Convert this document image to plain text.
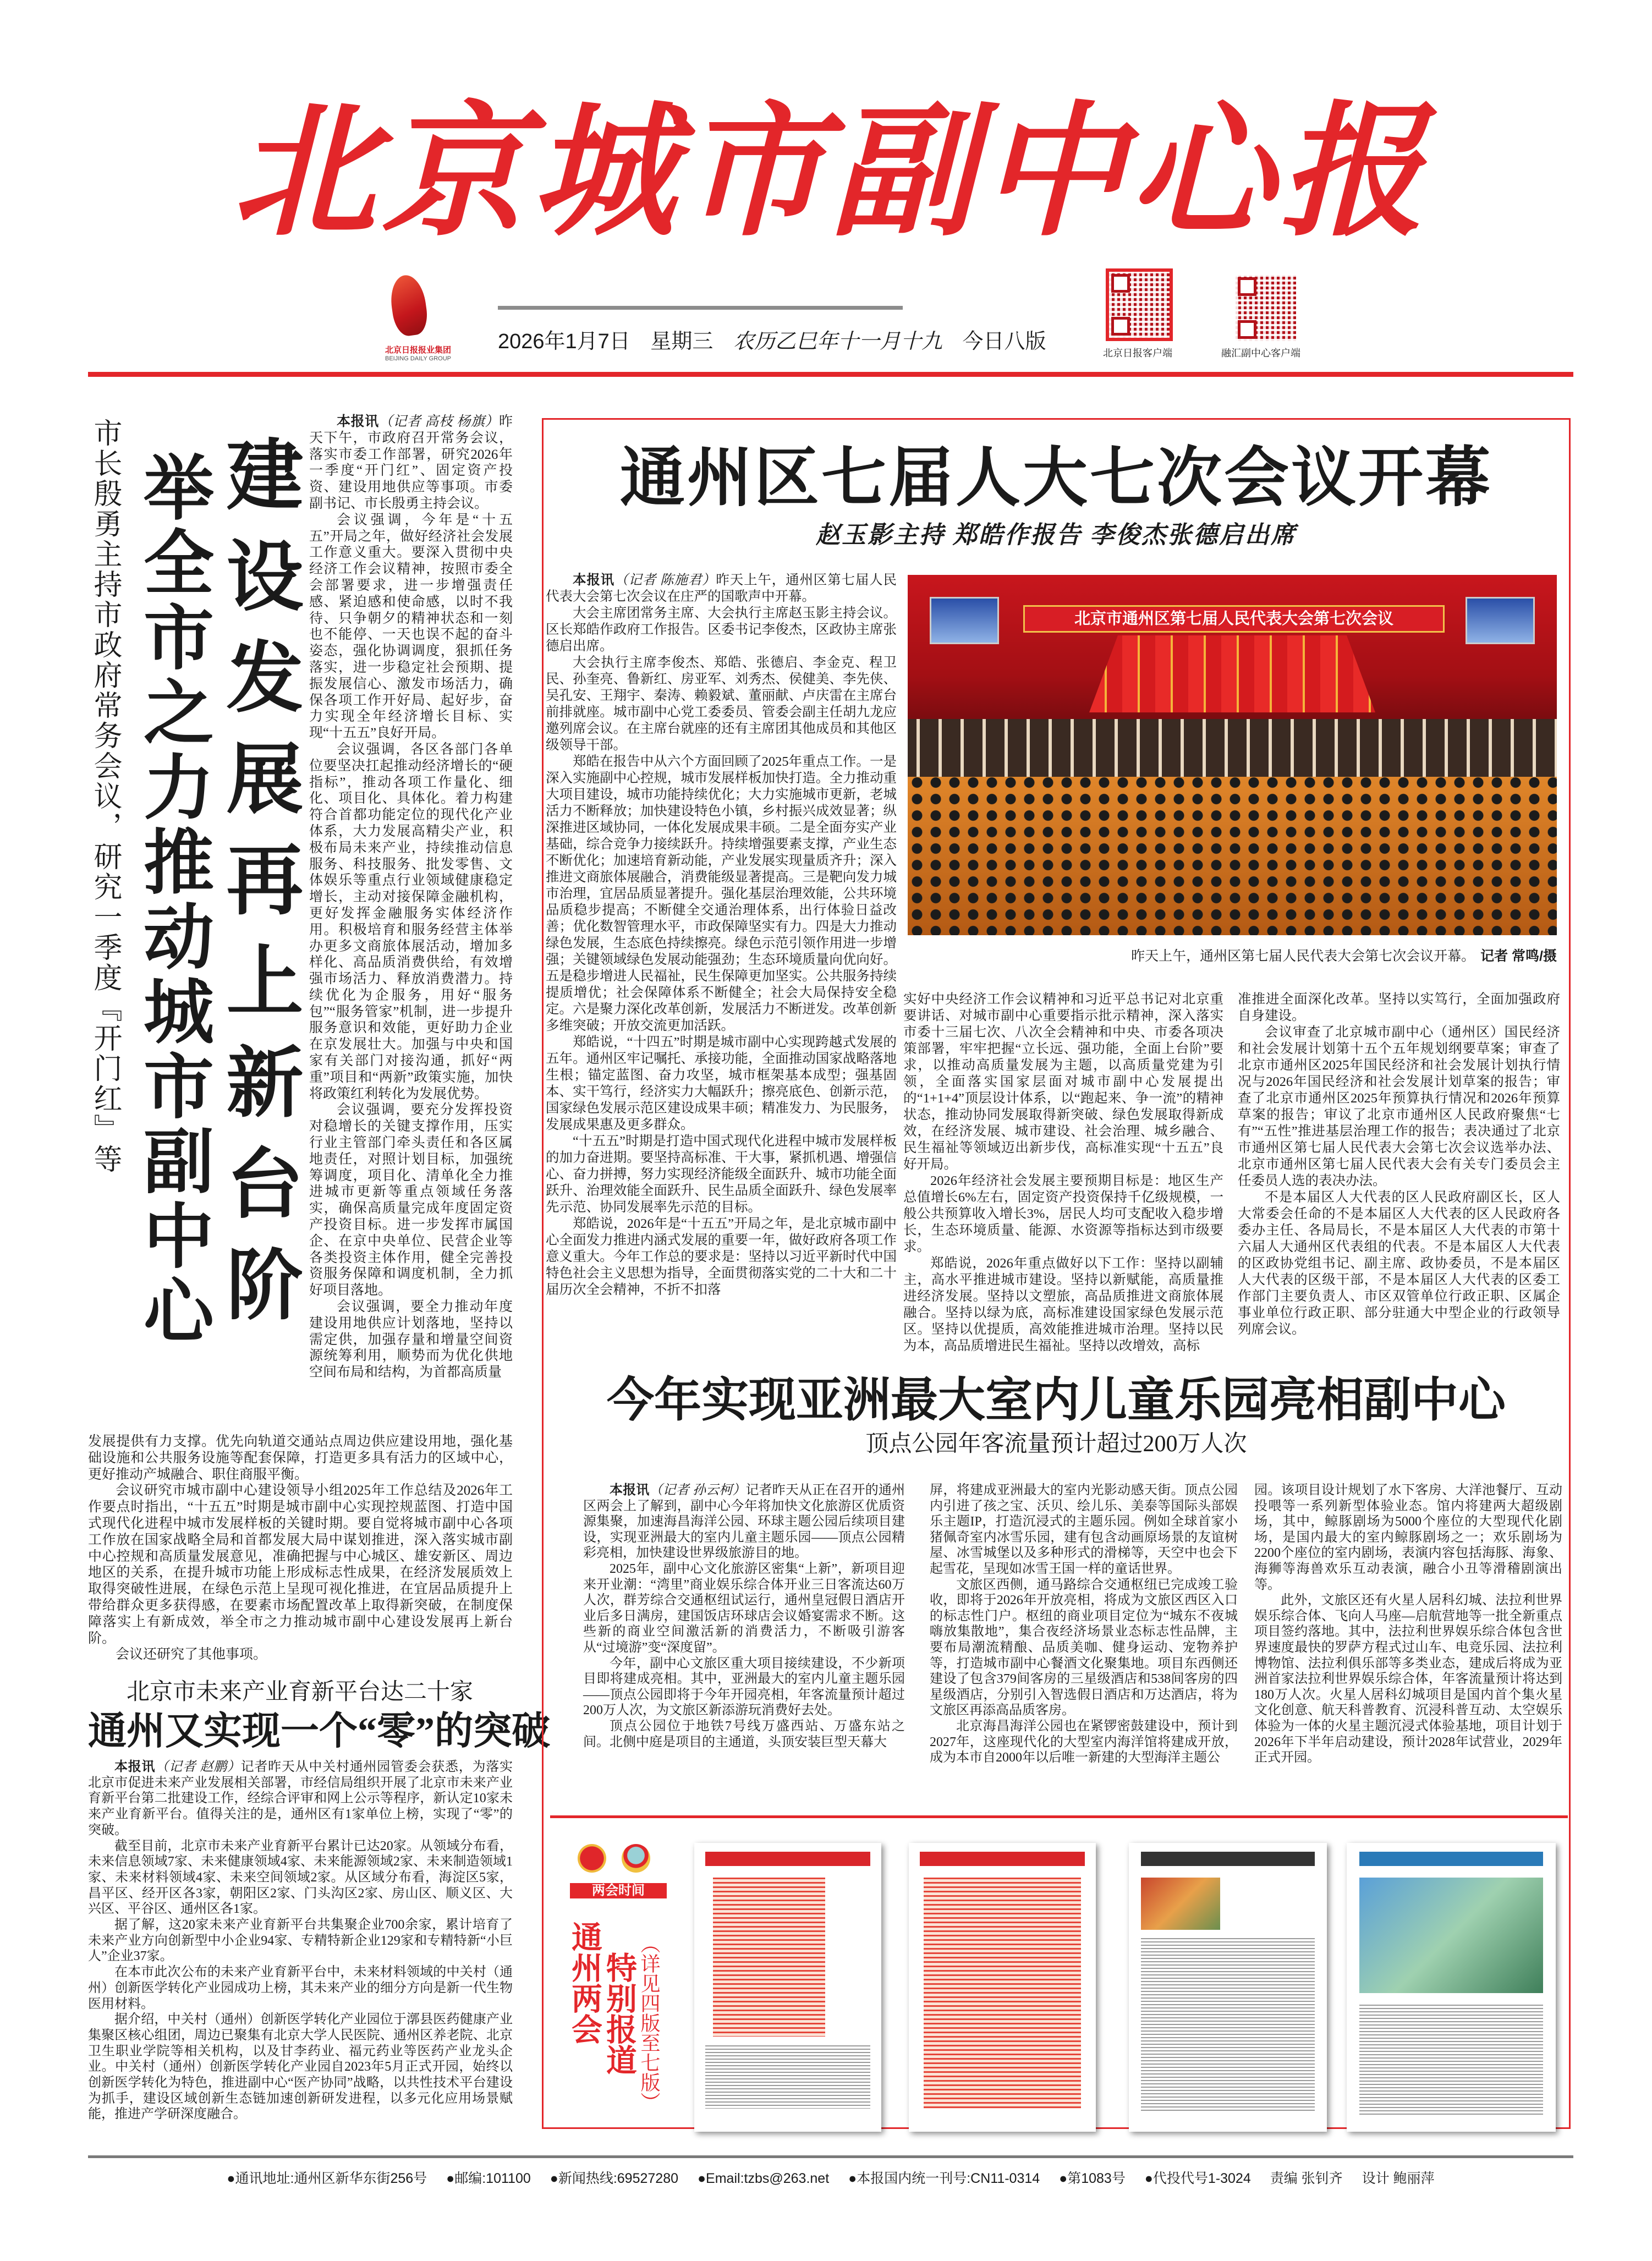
北京城市副中心报
北京日报报业集团
BEIJING DAILY GROUP
2026年1月7日 星期三 农历乙巳年十一月十九 今日八版	北京日报客户端	融汇副中心客户端
市长殷勇主持市政府常务会议，研究一季度『开门红』等 举全市之力推动城市副中心 建设发展再上新台阶

本报讯（记者 高枝 杨旗）昨天下午，市政府召开常务会议，落实市委工作部署，研究2026年一季度“开门红”、固定资产投资、建设用地供应等事项。市委副书记、市长殷勇主持会议。

会议强调，今年是“十五五”开局之年，做好经济社会发展工作意义重大。要深入贯彻中央经济工作会议精神，按照市委全会部署要求，进一步增强责任感、紧迫感和使命感，以时不我待、只争朝夕的精神状态和一刻也不能停、一天也误不起的奋斗姿态，强化协调调度，狠抓任务落实，进一步稳定社会预期、提振发展信心、激发市场活力，确保各项工作开好局、起好步，奋力实现全年经济增长目标、实现“十五五”良好开局。

会议强调，各区各部门各单位要坚决扛起推动经济增长的“硬指标”，推动各项工作量化、细化、项目化、具体化。着力构建符合首都功能定位的现代化产业体系，大力发展高精尖产业，积极布局未来产业，持续推动信息服务、科技服务、批发零售、文体娱乐等重点行业领域健康稳定增长，主动对接保障金融机构，更好发挥金融服务实体经济作用。积极培育和服务经营主体举办更多文商旅体展活动，增加多样化、高品质消费供给，有效增强市场活力、释放消费潜力。持续优化为企服务，用好“服务包”“服务管家”机制，进一步提升服务意识和效能，更好助力企业在京发展壮大。加强与中央和国家有关部门对接沟通，抓好“两重”项目和“两新”政策实施，加快将政策红利转化为发展优势。

会议强调，要充分发挥投资对稳增长的关键支撑作用，压实行业主管部门牵头责任和各区属地责任，对照计划目标，加强统筹调度，项目化、清单化全力推进城市更新等重点领域任务落实，确保高质量完成年度固定资产投资目标。进一步发挥市属国企、在京中央单位、民营企业等各类投资主体作用，健全完善投资服务保障和调度机制，全力抓好项目落地。

会议强调，要全力推动年度建设用地供应计划落地，坚持以需定供，加强存量和增量空间资源统筹利用，顺势而为优化供地空间布局和结构，为首都高质量

发展提供有力支撑。优先向轨道交通站点周边供应建设用地，强化基础设施和公共服务设施等配套保障，打造更多具有活力的区域中心，更好推动产城融合、职住商服平衡。

会议研究市城市副中心建设领导小组2025年工作总结及2026年工作要点时指出，“十五五”时期是城市副中心实现控规蓝图、打造中国式现代化进程中城市发展样板的关键时期。要自觉将城市副中心各项工作放在国家战略全局和首都发展大局中谋划推进，深入落实城市副中心控规和高质量发展意见，准确把握与中心城区、雄安新区、周边地区的关系，在提升城市功能上形成标志性成果，在经济发展质效上取得突破性进展，在绿色示范上呈现可视化推进，在宜居品质提升上带给群众更多获得感，在要素市场配置改革上取得新突破，在制度保障落实上有新成效，举全市之力推动城市副中心建设发展再上新台阶。

会议还研究了其他事项。

北京市未来产业育新平台达二十家
通州又实现一个“零”的突破

本报讯（记者 赵鹏）记者昨天从中关村通州园管委会获悉，为落实北京市促进未来产业发展相关部署，市经信局组织开展了北京市未来产业育新平台第二批建设工作，经综合评审和网上公示等程序，新认定10家未来产业育新平台。值得关注的是，通州区有1家单位上榜，实现了“零”的突破。

截至目前，北京市未来产业育新平台累计已达20家。从领域分布看，未来信息领域7家、未来健康领域4家、未来能源领域2家、未来制造领域1家、未来材料领域4家、未来空间领域2家。从区域分布看，海淀区5家，昌平区、经开区各3家，朝阳区2家、门头沟区2家、房山区、顺义区、大兴区、平谷区、通州区各1家。

据了解，这20家未来产业育新平台共集聚企业700余家，累计培育了未来产业方向创新型中小企业94家、专精特新企业129家和专精特新“小巨人”企业37家。

在本市此次公布的未来产业育新平台中，未来材料领域的中关村（通州）创新医学转化产业园成功上榜，其未来产业的细分方向是新一代生物医用材料。

据介绍，中关村（通州）创新医学转化产业园位于漷县医药健康产业集聚区核心组团，周边已聚集有北京大学人民医院、通州区养老院、北京卫生职业学院等相关机构，以及甘李药业、福元药业等医药产业龙头企业。中关村（通州）创新医学转化产业园自2023年5月正式开园，始终以创新医学转化为特色，推进副中心“医产协同”战略，以共性技术平台建设为抓手，建设区域创新生态链加速创新研发进程，以多元化应用场景赋能，推进产学研深度融合。

通州区七届人大七次会议开幕
赵玉影主持 郑皓作报告 李俊杰张德启出席
北京市通州区第七届人民代表大会第七次会议
昨天上午，通州区第七届人民代表大会第七次会议开幕。 记者 常鸣/摄

本报讯（记者 陈施君）昨天上午，通州区第七届人民代表大会第七次会议在庄严的国歌声中开幕。

大会主席团常务主席、大会执行主席赵玉影主持会议。区长郑皓作政府工作报告。区委书记李俊杰，区政协主席张德启出席。

大会执行主席李俊杰、郑皓、张德启、李金克、程卫民、孙奎亮、鲁新红、房亚军、刘秀杰、侯健美、李先侠、吴孔安、王翔宇、秦涛、赖毅斌、董丽献、卢庆雷在主席台前排就座。城市副中心党工委委员、管委会副主任胡九龙应邀列席会议。在主席台就座的还有主席团其他成员和其他区级领导干部。

郑皓在报告中从六个方面回顾了2025年重点工作。一是深入实施副中心控规，城市发展样板加快打造。全力推动重大项目建设，城市功能持续优化；大力实施城市更新，老城活力不断释放；加快建设特色小镇，乡村振兴成效显著；纵深推进区域协同，一体化发展成果丰硕。二是全面夯实产业基础，综合竞争力接续跃升。持续增强要素支撑，产业生态不断优化；加速培育新动能，产业发展实现量质齐升；深入推进文商旅体展融合，消费能级显著提高。三是靶向发力城市治理，宜居品质显著提升。强化基层治理效能，公共环境品质稳步提高；不断健全交通治理体系，出行体验日益改善；优化数智管理水平，市政保障坚实有力。四是大力推动绿色发展，生态底色持续擦亮。绿色示范引领作用进一步增强；关键领域绿色发展动能强劲；生态环境质量向优向好。五是稳步增进人民福祉，民生保障更加坚实。公共服务持续提质增优；社会保障体系不断健全；社会大局保持安全稳定。六是聚力深化改革创新，发展活力不断迸发。改革创新多维突破；开放交流更加活跃。

郑皓说，“十四五”时期是城市副中心实现跨越式发展的五年。通州区牢记嘱托、承接功能，全面推动国家战略落地生根；锚定蓝图、奋力攻坚，城市框架基本成型；强基固本、实干笃行，经济实力大幅跃升；擦亮底色、创新示范，国家绿色发展示范区建设成果丰硕；精准发力、为民服务，发展成果惠及更多群众。

“十五五”时期是打造中国式现代化进程中城市发展样板的加力奋进期。要坚持高标准、干大事，紧抓机遇、增强信心、奋力拼搏，努力实现经济能级全面跃升、城市功能全面跃升、治理效能全面跃升、民生品质全面跃升、绿色发展率先示范、协同发展率先示范的目标。

郑皓说，2026年是“十五五”开局之年，是北京城市副中心全面发力推进内涵式发展的重要一年，做好政府各项工作意义重大。今年工作总的要求是：坚持以习近平新时代中国特色社会主义思想为指导，全面贯彻落实党的二十大和二十届历次全会精神，不折不扣落

实好中央经济工作会议精神和习近平总书记对北京重要讲话、对城市副中心重要指示批示精神，深入落实市委十三届七次、八次全会精神和中央、市委各项决策部署，牢牢把握“立长远、强功能，全面上台阶”要求，以推动高质量发展为主题，以高质量党建为引领，全面落实国家层面对城市副中心发展提出的“1+1+4”顶层设计体系，以“跑起来、争一流”的精神状态，推动协同发展取得新突破、绿色发展取得新成效，在经济发展、城市建设、社会治理、城乡融合、民生福祉等领域迈出新步伐，高标准实现“十五五”良好开局。

2026年经济社会发展主要预期目标是：地区生产总值增长6%左右，固定资产投资保持千亿级规模，一般公共预算收入增长3%，居民人均可支配收入稳步增长，生态环境质量、能源、水资源等指标达到市级要求。

郑皓说，2026年重点做好以下工作：坚持以副辅主，高水平推进城市建设。坚持以新赋能，高质量推进经济发展。坚持以文塑旅，高品质推进文商旅体展融合。坚持以绿为底，高标准建设国家绿色发展示范区。坚持以优提质，高效能推进城市治理。坚持以民为本，高品质增进民生福祉。坚持以改增效，高标

准推进全面深化改革。坚持以实笃行，全面加强政府自身建设。

会议审查了北京城市副中心（通州区）国民经济和社会发展计划第十五个五年规划纲要草案；审查了北京市通州区2025年国民经济和社会发展计划执行情况与2026年国民经济和社会发展计划草案的报告；审查了北京市通州区2025年预算执行情况和2026年预算草案的报告；审议了北京市通州区人民政府聚焦“七有”“五性”推进基层治理工作的报告；表决通过了北京市通州区第七届人民代表大会第七次会议选举办法、北京市通州区第七届人民代表大会有关专门委员会主任委员人选的表决办法。

不是本届区人大代表的区人民政府副区长，区人大常委会任命的不是本届区人大代表的区人民政府各委办主任、各局局长，不是本届区人大代表的市第十六届人大通州区代表组的代表。不是本届区人大代表的区政协党组书记、副主席、政协委员，不是本届区人大代表的区级干部，不是本届区人大代表的区委工作部门主要负责人、市区双管单位行政正职、区属企事业单位行政正职、部分驻通大中型企业的行政领导列席会议。

今年实现亚洲最大室内儿童乐园亮相副中心
顶点公园年客流量预计超过200万人次

本报讯（记者 孙云柯）记者昨天从正在召开的通州区两会上了解到，副中心今年将加快文化旅游区优质资源集聚，加速海昌海洋公园、环球主题公园后续项目建设，实现亚洲最大的室内儿童主题乐园——顶点公园精彩亮相，加快建设世界级旅游目的地。

2025年，副中心文化旅游区密集“上新”，新项目迎来开业潮：“湾里”商业娱乐综合体开业三日客流达60万人次，群芳综合交通枢纽试运行，通州皇冠假日酒店开业后多日满房，建国饭店环球店会议婚宴需求不断。这些新的商业空间激活新的消费活力，不断吸引游客从“过境游”变“深度留”。

今年，副中心文旅区重大项目接续建设，不少新项目即将建成亮相。其中，亚洲最大的室内儿童主题乐园——顶点公园即将于今年开园亮相，年客流量预计超过200万人次，为文旅区新添游玩消费好去处。

顶点公园位于地铁7号线万盛西站、万盛东站之间。北侧中庭是项目的主通道，头顶安装巨型天幕大

屏，将建成亚洲最大的室内光影动感天街。顶点公园内引进了孩之宝、沃贝、绘儿乐、美泰等国际头部娱乐主题IP，打造沉浸式的主题乐园。例如全球首家小猪佩奇室内冰雪乐园，建有包含动画原场景的友谊树屋、冰雪城堡以及多种形式的滑梯等，天空中也会下起雪花，呈现如冰雪王国一样的童话世界。

文旅区西侧，通马路综合交通枢纽已完成竣工验收，即将于2026年开放亮相，将成为文旅区西区入口的标志性门户。枢纽的商业项目定位为“城东不夜城 嗨放集散地”，集合夜经济场景业态标志性品牌，主要布局潮流精酿、品质美咖、健身运动、宠物养护等，打造城市副中心餐酒文化聚集地。项目东西侧还建设了包含379间客房的三星级酒店和538间客房的四星级酒店，分别引入智选假日酒店和万达酒店，将为文旅区再添高品质客房。

北京海昌海洋公园也在紧锣密鼓建设中，预计到2027年，这座现代化的大型室内海洋馆将建成开放，成为本市自2000年以后唯一新建的大型海洋主题公

园。该项目设计规划了水下客房、大洋池餐厅、互动投喂等一系列新型体验业态。馆内将建两大超级剧场，其中，鲸豚剧场为5000个座位的大型现代化剧场，是国内最大的室内鲸豚剧场之一；欢乐剧场为2200个座位的室内剧场，表演内容包括海豚、海象、海狮等海兽欢乐互动表演，融合小丑等滑稽剧演出等。

此外，文旅区还有火星人居科幻城、法拉利世界娱乐综合体、飞向人马座—启航营地等一批全新重点项目签约落地。其中，法拉利世界娱乐综合体包含世界速度最快的罗萨方程式过山车、电竞乐园、法拉利博物馆、法拉利俱乐部等多类业态，建成后将成为亚洲首家法拉利世界娱乐综合体，年客流量预计将达到180万人次。火星人居科幻城项目是国内首个集火星文化创意、航天科普教育、沉浸科普互动、太空娱乐体验为一体的火星主题沉浸式体验基地，项目计划于2026年下半年启动建设，预计2028年试营业，2029年正式开园。

两会时间
通州两会 特别报道 （详见四版至七版）
●通讯地址:通州区新华东街256号 ●邮编:101100 ●新闻热线:69527280 ●Email:tzbs@263.net ●本报国内统一刊号:CN11-0314 ●第1083号 ●代投代号1-3024 责编 张钊齐 设计 鲍丽萍
